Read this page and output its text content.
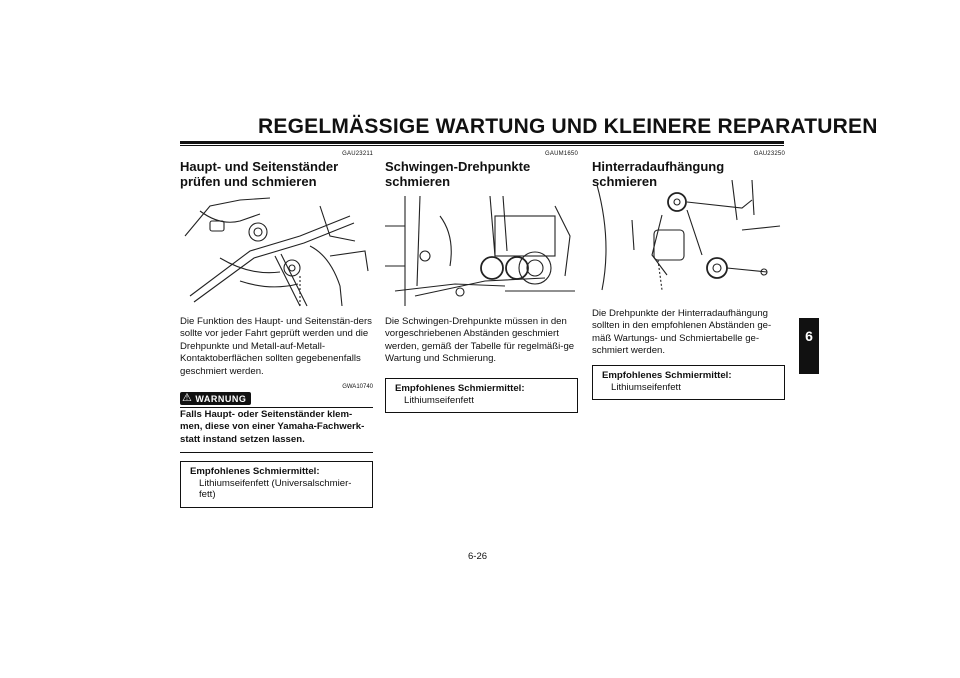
REGELMÄSSIGE WARTUNG UND KLEINERE REPARATUREN
6
GAU23211
Haupt- und Seitenständer prüfen und schmieren
Die Funktion des Haupt- und Seitenstän-ders sollte vor jeder Fahrt geprüft werden und die Drehpunkte und Metall-auf-Metall-Kontaktoberflächen sollten gegebenenfalls geschmiert werden.
GWA10740
⚠ WARNUNG
Falls Haupt- oder Seitenständer klem-men, diese von einer Yamaha-Fachwerk-statt instand setzen lassen.
Empfohlenes Schmiermittel:
Lithiumseifenfett (Universalschmier-fett)
GAUM1650
Schwingen-Drehpunkte schmieren
Die Schwingen-Drehpunkte müssen in den vorgeschriebenen Abständen geschmiert werden, gemäß der Tabelle für regelmäßi-ge Wartung und Schmierung.
Empfohlenes Schmiermittel:
Lithiumseifenfett
GAU23250
Hinterradaufhängung schmieren
Die Drehpunkte der Hinterradaufhängung sollten in den empfohlenen Abständen ge-mäß Wartungs- und Schmiertabelle ge-schmiert werden.
Empfohlenes Schmiermittel:
Lithiumseifenfett
6-26
